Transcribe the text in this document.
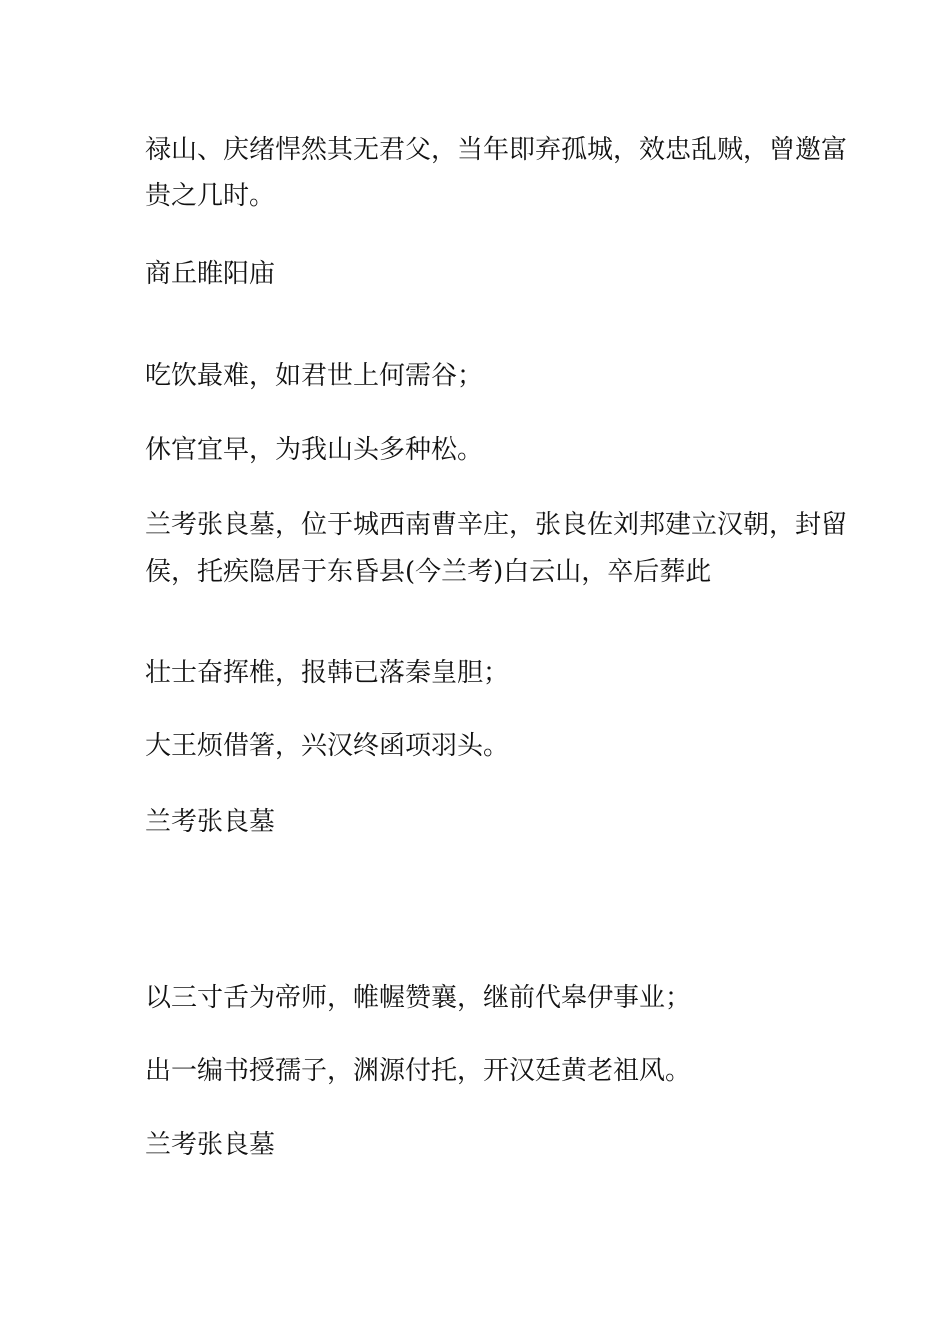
禄山、庆绪悍然其无君父，当年即弃孤城，效忠乱贼，曾邀富

贵之几时。

商丘睢阳庙

吃饮最难，如君世上何需谷；

休官宜早，为我山头多种松。

兰考张良墓，位于城西南曹辛庄，张良佐刘邦建立汉朝，封留

侯，托疾隐居于东昏县(今兰考)白云山，卒后葬此

壮士奋挥椎，报韩已落秦皇胆；

大王烦借箸，兴汉终函项羽头。

兰考张良墓

以三寸舌为帝师，帷幄赞襄，继前代皋伊事业；

出一编书授孺子，渊源付托，开汉廷黄老祖风。

兰考张良墓
